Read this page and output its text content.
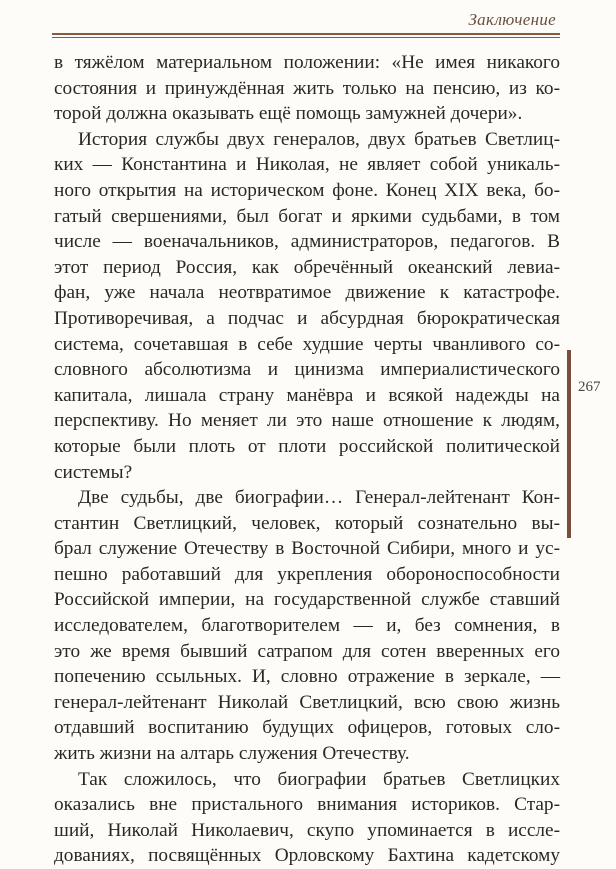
Заключение
в тяжёлом материальном положении: «Не имея никакого
состояния и принуждённая жить только на пенсию, из ко-
торой должна оказывать ещё помощь замужней дочери».
История службы двух генералов, двух братьев Светлиц-
ких — Константина и Николая, не являет собой уникаль-
ного открытия на историческом фоне. Конец XIX века, бо-
гатый свершениями, был богат и яркими судьбами, в том
числе — военачальников, администраторов, педагогов. В
этот период Россия, как обречённый океанский левиа-
фан, уже начала неотвратимое движение к катастрофе.
Противоречивая, а подчас и абсурдная бюрократическая
система, сочетавшая в себе худшие черты чванливого со-
словного абсолютизма и цинизма империалистического
капитала, лишала страну манёвра и всякой надежды на
перспективу. Но меняет ли это наше отношение к людям,
которые были плоть от плоти российской политической
системы?
Две судьбы, две биографии… Генерал-лейтенант Кон-
стантин Светлицкий, человек, который сознательно вы-
брал служение Отечеству в Восточной Сибири, много и ус-
пешно работавший для укрепления обороноспособности
Российской империи, на государственной службе ставший
исследователем, благотворителем — и, без сомнения, в
это же время бывший сатрапом для сотен вверенных его
попечению ссыльных. И, словно отражение в зеркале, —
генерал-лейтенант Николай Светлицкий, всю свою жизнь
отдавший воспитанию будущих офицеров, готовых сло-
жить жизни на алтарь служения Отечеству.
Так сложилось, что биографии братьев Светлицких
оказались вне пристального внимания историков. Стар-
ший, Николай Николаевич, скупо упоминается в иссле-
дованиях, посвящённых Орловскому Бахтина кадетскому
267
